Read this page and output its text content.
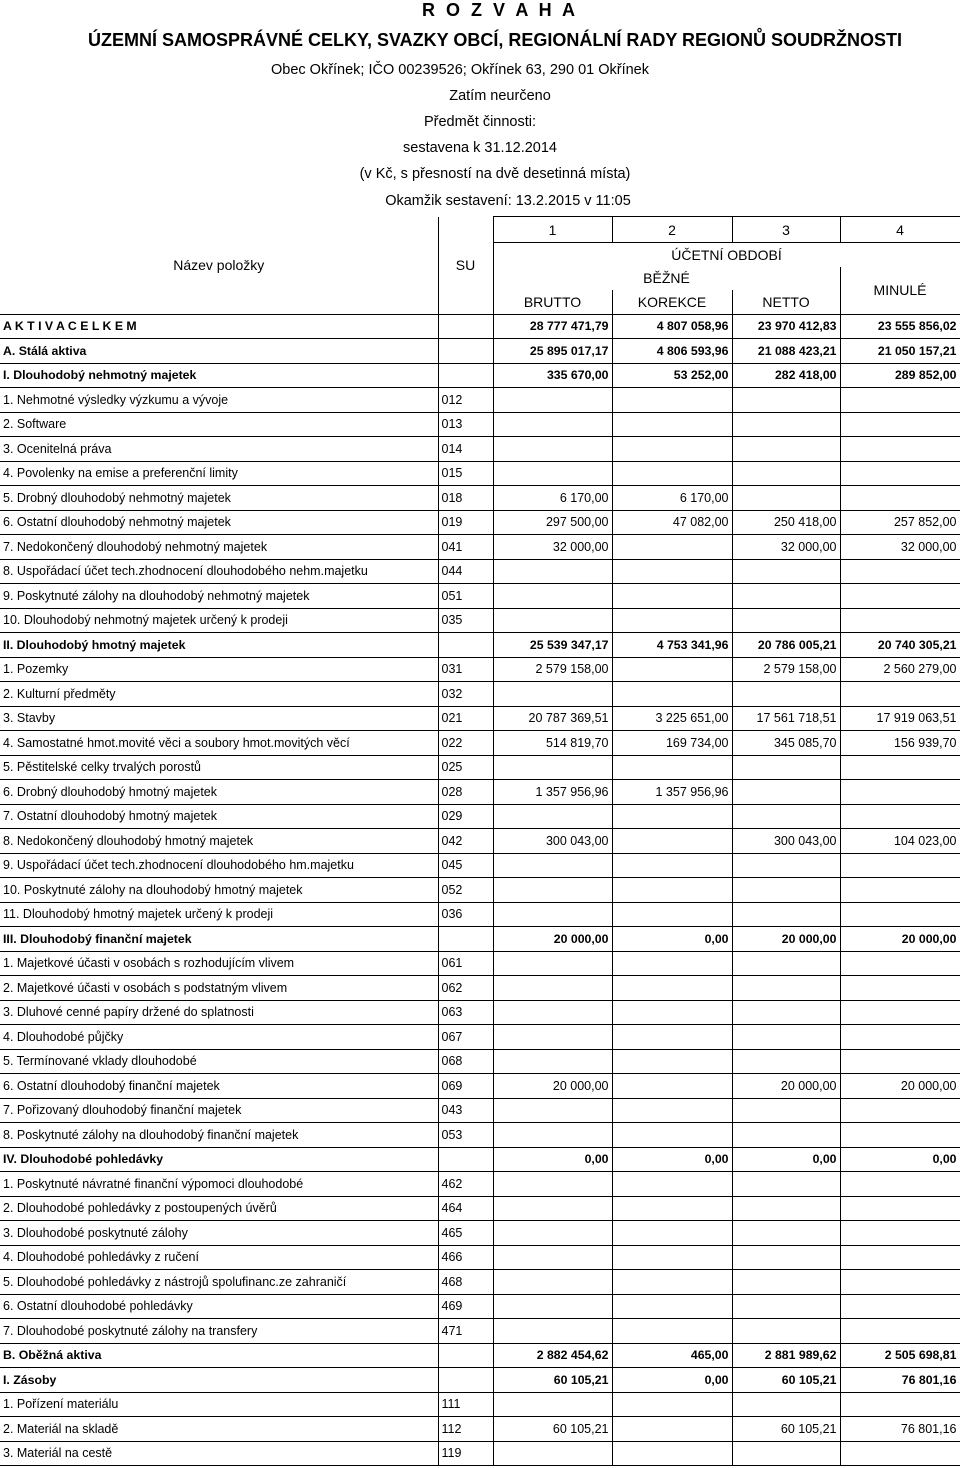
R O Z V A H A
ÚZEMNÍ SAMOSPRÁVNÉ CELKY, SVAZKY OBCÍ, REGIONÁLNÍ RADY REGIONŮ SOUDRŽNOSTI
Obec Okřínek; IČO 00239526; Okřínek 63, 290 01 Okřínek
Zatím neurčeno
Předmět činnosti:
sestavena k 31.12.2014
(v Kč, s přesností na dvě desetinná místa)
Okamžik sestavení: 13.2.2015 v 11:05
Název položky	SU	1	2	3	4
		ÚČETNÍ OBDOBÍ			
		BĚŽNÉ			MINULÉ
		BRUTTO	KOREKCE	NETTO	
A K T I V A C E L K E M		28 777 471,79	4 807 058,96	23 970 412,83	23 555 856,02
A. Stálá aktiva		25 895 017,17	4 806 593,96	21 088 423,21	21 050 157,21
I. Dlouhodobý nehmotný majetek		335 670,00	53 252,00	282 418,00	289 852,00
1. Nehmotné výsledky výzkumu a vývoje	012				
2. Software	013				
3. Ocenitelná práva	014				
4. Povolenky na emise a preferenční limity	015				
5. Drobný dlouhodobý nehmotný majetek	018	6 170,00	6 170,00		
6. Ostatní dlouhodobý nehmotný majetek	019	297 500,00	47 082,00	250 418,00	257 852,00
7. Nedokončený dlouhodobý nehmotný majetek	041	32 000,00		32 000,00	32 000,00
8. Uspořádací účet tech.zhodnocení dlouhodobého nehm.majetku	044				
9. Poskytnuté zálohy na dlouhodobý nehmotný majetek	051				
10. Dlouhodobý nehmotný majetek určený k prodeji	035				
II. Dlouhodobý hmotný majetek		25 539 347,17	4 753 341,96	20 786 005,21	20 740 305,21
1. Pozemky	031	2 579 158,00		2 579 158,00	2 560 279,00
2. Kulturní předměty	032				
3. Stavby	021	20 787 369,51	3 225 651,00	17 561 718,51	17 919 063,51
4. Samostatné hmot.movité věci a soubory hmot.movitých věcí	022	514 819,70	169 734,00	345 085,70	156 939,70
5. Pěstitelské celky trvalých porostů	025				
6. Drobný dlouhodobý hmotný majetek	028	1 357 956,96	1 357 956,96		
7. Ostatní dlouhodobý hmotný majetek	029				
8. Nedokončený dlouhodobý hmotný majetek	042	300 043,00		300 043,00	104 023,00
9. Uspořádací účet tech.zhodnocení dlouhodobého hm.majetku	045				
10. Poskytnuté zálohy na dlouhodobý hmotný majetek	052				
11. Dlouhodobý hmotný majetek určený k prodeji	036				
III. Dlouhodobý finanční majetek		20 000,00	0,00	20 000,00	20 000,00
1. Majetkové účasti v osobách s rozhodujícím vlivem	061				
2. Majetkové účasti v osobách s podstatným vlivem	062				
3. Dluhové cenné papíry držené do splatnosti	063				
4. Dlouhodobé půjčky	067				
5. Termínované vklady dlouhodobé	068				
6. Ostatní dlouhodobý finanční majetek	069	20 000,00		20 000,00	20 000,00
7. Pořizovaný dlouhodobý finanční majetek	043				
8. Poskytnuté zálohy na dlouhodobý finanční majetek	053				
IV. Dlouhodobé pohledávky		0,00	0,00	0,00	0,00
1. Poskytnuté návratné finanční výpomoci dlouhodobé	462				
2. Dlouhodobé pohledávky z postoupených úvěrů	464				
3. Dlouhodobé poskytnuté zálohy	465				
4. Dlouhodobé pohledávky z ručení	466				
5. Dlouhodobé pohledávky z nástrojů spolufinanc.ze zahraničí	468				
6. Ostatní dlouhodobé pohledávky	469				
7. Dlouhodobé poskytnuté zálohy na transfery	471				
B. Oběžná aktiva		2 882 454,62	465,00	2 881 989,62	2 505 698,81
I. Zásoby		60 105,21	0,00	60 105,21	76 801,16
1. Pořízení materiálu	111				
2. Materiál na skladě	112	60 105,21		60 105,21	76 801,16
3. Materiál na cestě	119				
